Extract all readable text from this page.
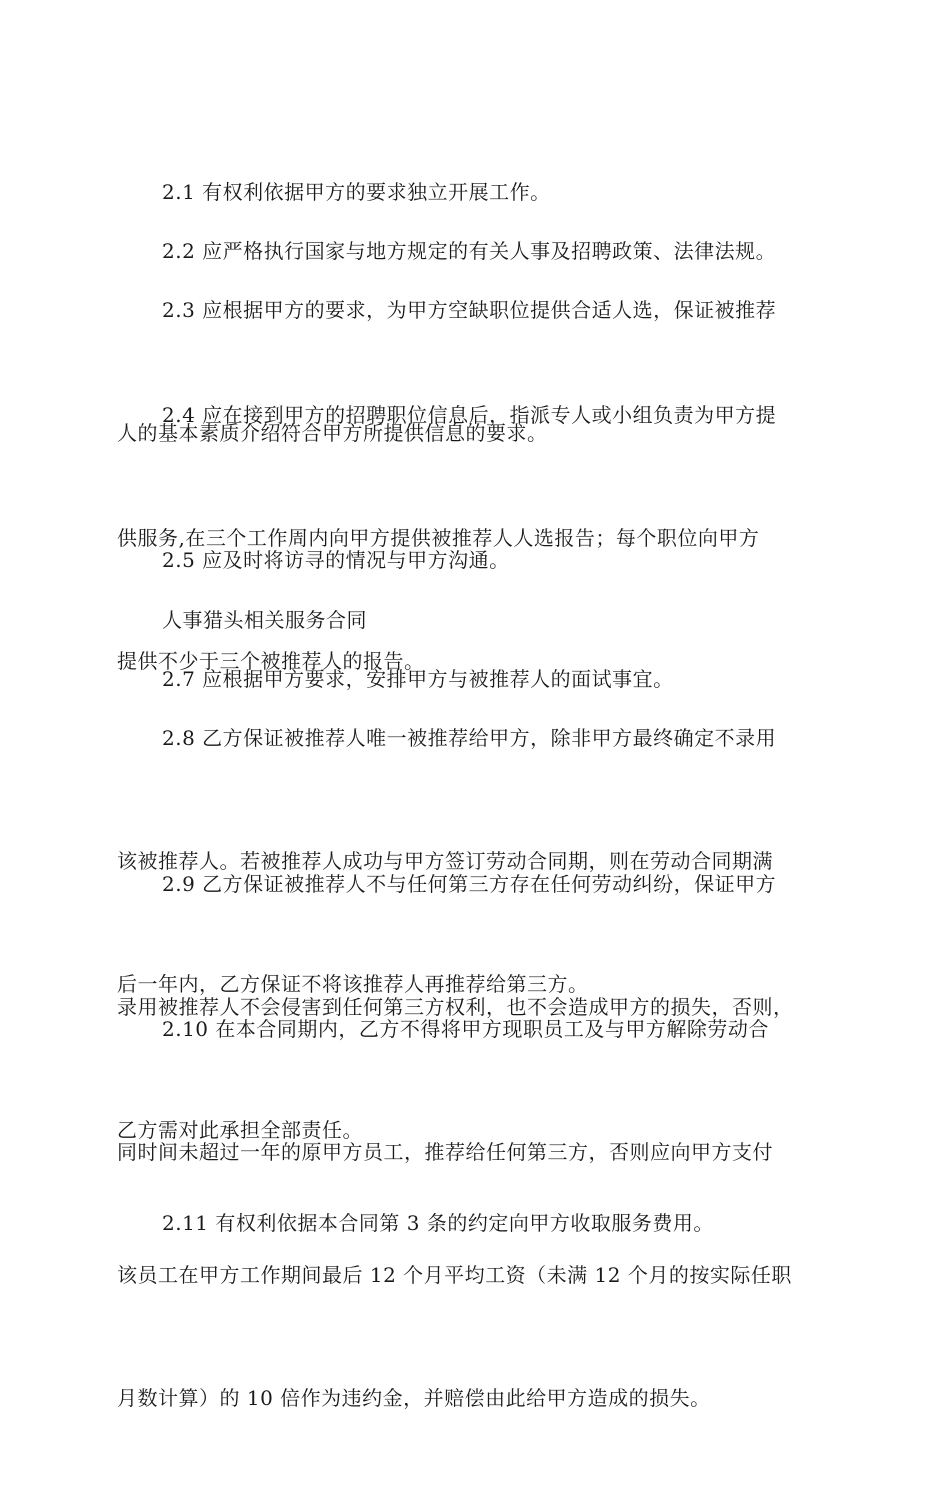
2.1 有权利依据甲方的要求独立开展工作。

2.2 应严格执行国家与地方规定的有关人事及招聘政策、法律法规。

2.3 应根据甲方的要求，为甲方空缺职位提供合适人选，保证被推荐

人的基本素质介绍符合甲方所提供信息的要求。

2.4 应在接到甲方的招聘职位信息后，指派专人或小组负责为甲方提

供服务,在三个工作周内向甲方提供被推荐人人选报告；每个职位向甲方

提供不少于三个被推荐人的报告。

2.5 应及时将访寻的情况与甲方沟通。

人事猎头相关服务合同

2.7 应根据甲方要求，安排甲方与被推荐人的面试事宜。

2.8 乙方保证被推荐人唯一被推荐给甲方，除非甲方最终确定不录用

该被推荐人。若被推荐人成功与甲方签订劳动合同期，则在劳动合同期满

后一年内，乙方保证不将该推荐人再推荐给第三方。

2.9 乙方保证被推荐人不与任何第三方存在任何劳动纠纷，保证甲方

录用被推荐人不会侵害到任何第三方权利，也不会造成甲方的损失，否则，

乙方需对此承担全部责任。

2.10 在本合同期内，乙方不得将甲方现职员工及与甲方解除劳动合

同时间未超过一年的原甲方员工，推荐给任何第三方，否则应向甲方支付

该员工在甲方工作期间最后 12 个月平均工资（未满 12 个月的按实际任职

月数计算）的 10 倍作为违约金，并赔偿由此给甲方造成的损失。

2.11 有权利依据本合同第 3 条的约定向甲方收取服务费用。
